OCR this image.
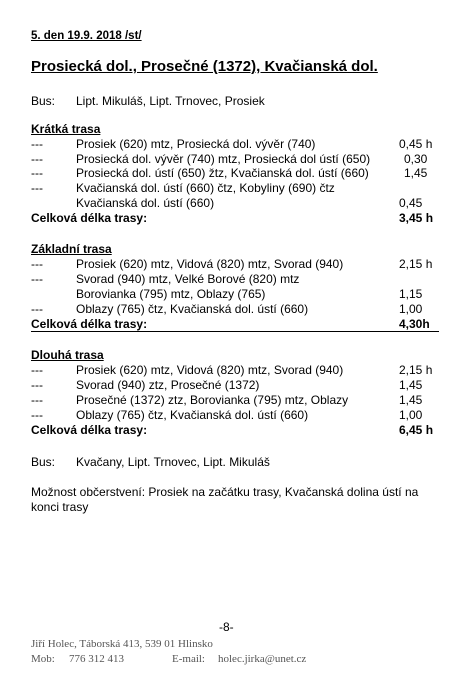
5. den 19.9. 2018 /st/
Prosiecká dol., Prosečné (1372), Kvačianská dol.
Bus: Lipt. Mikuláš, Lipt. Trnovec, Prosiek
Krátká trasa
---	Prosiek (620) mtz, Prosiecká dol. vývěr (740)	0,45 h
---	Prosiecká dol. vývěr (740) mtz, Prosiecká dol ústí (650)	0,30
---	Prosiecká dol. ústí (650) žtz, Kvačianská dol. ústí (660)	1,45
---	Kvačianská dol. ústí (660) čtz, Kobyliny (690) čtz
Kvačianská dol. ústí (660)	0,45
Celková délka trasy:	3,45 h
Základní trasa
---	Prosiek (620) mtz, Vidová (820) mtz, Svorad (940)	2,15 h
---	Svorad (940) mtz, Velké Borové (820) mtz
Borovianka (795) mtz, Oblazy (765)	1,15
---	Oblazy (765) čtz, Kvačianská dol. ústí (660)	1,00
Celková délka trasy:	4,30h
Dlouhá trasa
---	Prosiek (620) mtz, Vidová (820) mtz, Svorad (940)	2,15 h
---	Svorad (940) ztz, Prosečné (1372)	1,45
---	Prosečné (1372) ztz, Borovianka (795) mtz, Oblazy	1,45
---	Oblazy (765) čtz, Kvačianská dol. ústí (660)	1,00
Celková délka trasy:	6,45 h
Bus: Kvačany, Lipt. Trnovec, Lipt. Mikuláš
Možnost občerstvení: Prosiek na začátku trasy, Kvačanská dolina ústí na konci trasy
-8-
Jiří Holec, Táborská 413, 539 01 Hlinsko
Mob: 776 312 413	E-mail: holec.jirka@unet.cz
